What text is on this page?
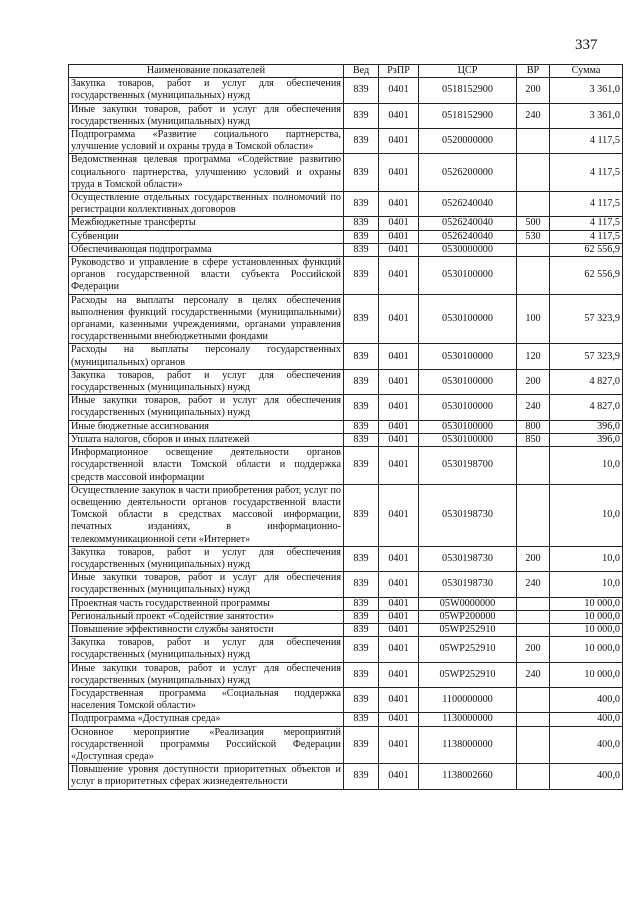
337
Наименование показателей	Вед	РзПР	ЦСР	ВР	Сумма
Закупка товаров, работ и услуг для обеспечения государственных (муниципальных) нужд	839	0401	0518152900	200	3 361,0
Иные закупки товаров, работ и услуг для обеспечения государственных (муниципальных) нужд	839	0401	0518152900	240	3 361,0
Подпрограмма «Развитие социального партнерства, улучшение условий и охраны труда в Томской области»	839	0401	0520000000		4 117,5
Ведомственная целевая программа «Содействие развитию социального партнерства, улучшению условий и охраны труда в Томской области»	839	0401	0526200000		4 117,5
Осуществление отдельных государственных полномочий по регистрации коллективных договоров	839	0401	0526240040		4 117,5
Межбюджетные трансферты	839	0401	0526240040	500	4 117,5
Субвенции	839	0401	0526240040	530	4 117,5
Обеспечивающая подпрограмма	839	0401	0530000000		62 556,9
Руководство и управление в сфере установленных функций органов государственной власти субъекта Российской Федерации	839	0401	0530100000		62 556,9
Расходы на выплаты персоналу в целях обеспечения выполнения функций государственными (муниципальными) органами, казенными учреждениями, органами управления государственными внебюджетными фондами	839	0401	0530100000	100	57 323,9
Расходы на выплаты персоналу государственных (муниципальных) органов	839	0401	0530100000	120	57 323,9
Закупка товаров, работ и услуг для обеспечения государственных (муниципальных) нужд	839	0401	0530100000	200	4 827,0
Иные закупки товаров, работ и услуг для обеспечения государственных (муниципальных) нужд	839	0401	0530100000	240	4 827,0
Иные бюджетные ассигнования	839	0401	0530100000	800	396,0
Уплата налогов, сборов и иных платежей	839	0401	0530100000	850	396,0
Информационное освещение деятельности органов государственной власти Томской области и поддержка средств массовой информации	839	0401	0530198700		10,0
Осуществление закупок в части приобретения работ, услуг по освещению деятельности органов государственной власти Томской области в средствах массовой информации, печатных изданиях, в информационно-телекоммуникационной сети «Интернет»	839	0401	0530198730		10,0
Закупка товаров, работ и услуг для обеспечения государственных (муниципальных) нужд	839	0401	0530198730	200	10,0
Иные закупки товаров, работ и услуг для обеспечения государственных (муниципальных) нужд	839	0401	0530198730	240	10,0
Проектная часть государственной программы	839	0401	05W0000000		10 000,0
Региональный проект «Содействие занятости»	839	0401	05WP200000		10 000,0
Повышение эффективности службы занятости	839	0401	05WP252910		10 000,0
Закупка товаров, работ и услуг для обеспечения государственных (муниципальных) нужд	839	0401	05WP252910	200	10 000,0
Иные закупки товаров, работ и услуг для обеспечения государственных (муниципальных) нужд	839	0401	05WP252910	240	10 000,0
Государственная программа «Социальная поддержка населения Томской области»	839	0401	1100000000		400,0
Подпрограмма «Доступная среда»	839	0401	1130000000		400,0
Основное мероприятие «Реализация мероприятий государственной программы Российской Федерации «Доступная среда»	839	0401	1138000000		400,0
Повышение уровня доступности приоритетных объектов и услуг в приоритетных сферах жизнедеятельности	839	0401	1138002660		400,0
